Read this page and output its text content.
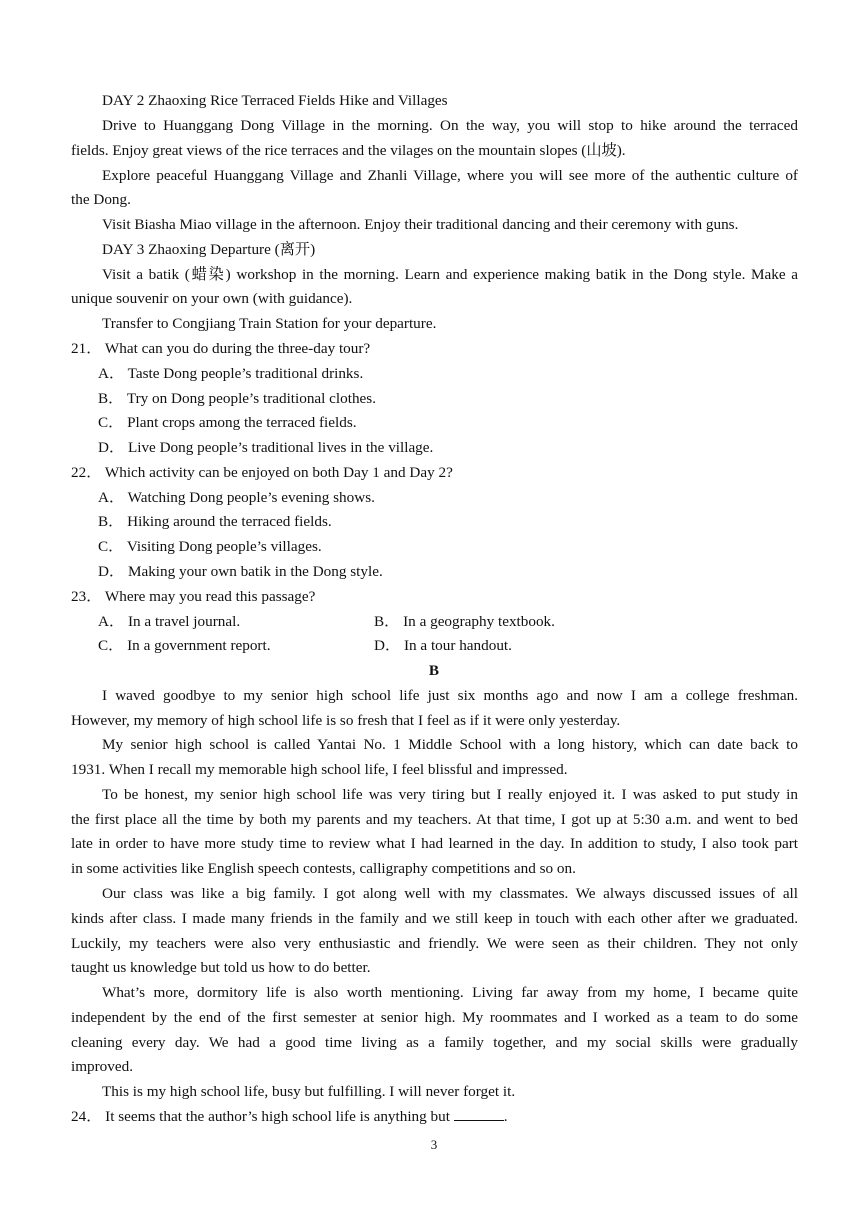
DAY 2 Zhaoxing Rice Terraced Fields Hike and Villages
Drive to Huanggang Dong Village in the morning. On the way, you will stop to hike around the terraced
fields. Enjoy great views of the rice terraces and the vilages on the mountain slopes (山坡).
Explore peaceful Huanggang Village and Zhanli Village, where you will see more of the authentic culture of
the Dong.
Visit Biasha Miao village in the afternoon. Enjoy their traditional dancing and their ceremony with guns.
DAY 3 Zhaoxing Departure (离开)
Visit a batik (蜡染) workshop in the morning. Learn and experience making batik in the Dong style. Make a
unique souvenir on your own (with guidance).
Transfer to Congjiang Train Station for your departure.
21． What can you do during the three-day tour?
A． Taste Dong people’s traditional drinks.
B． Try on Dong people’s traditional clothes.
C． Plant crops among the terraced fields.
D． Live Dong people’s traditional lives in the village.
22． Which activity can be enjoyed on both Day 1 and Day 2?
A． Watching Dong people’s evening shows.
B． Hiking around the terraced fields.
C． Visiting Dong people’s villages.
D． Making your own batik in the Dong style.
23． Where may you read this passage?
A． In a travel journal.	B． In a geography textbook.
C． In a government report.	D． In a tour handout.
B
I waved goodbye to my senior high school life just six months ago and now I am a college freshman.
However, my memory of high school life is so fresh that I feel as if it were only yesterday.
My senior high school is called Yantai No. 1 Middle School with a long history, which can date back to
1931. When I recall my memorable high school life, I feel blissful and impressed.
To be honest, my senior high school life was very tiring but I really enjoyed it. I was asked to put study in
the first place all the time by both my parents and my teachers. At that time, I got up at 5:30 a.m. and went to bed
late in order to have more study time to review what I had learned in the day. In addition to study, I also took part
in some activities like English speech contests, calligraphy competitions and so on.
Our class was like a big family. I got along well with my classmates. We always discussed issues of all
kinds after class. I made many friends in the family and we still keep in touch with each other after we graduated.
Luckily, my teachers were also very enthusiastic and friendly. We were seen as their children. They not only
taught us knowledge but told us how to do better.
What’s more, dormitory life is also worth mentioning. Living far away from my home, I became quite
independent by the end of the first semester at senior high. My roommates and I worked as a team to do some
cleaning every day. We had a good time living as a family together, and my social skills were gradually
improved.
This is my high school life, busy but fulfilling. I will never forget it.
24． It seems that the author’s high school life is anything but	.
3
